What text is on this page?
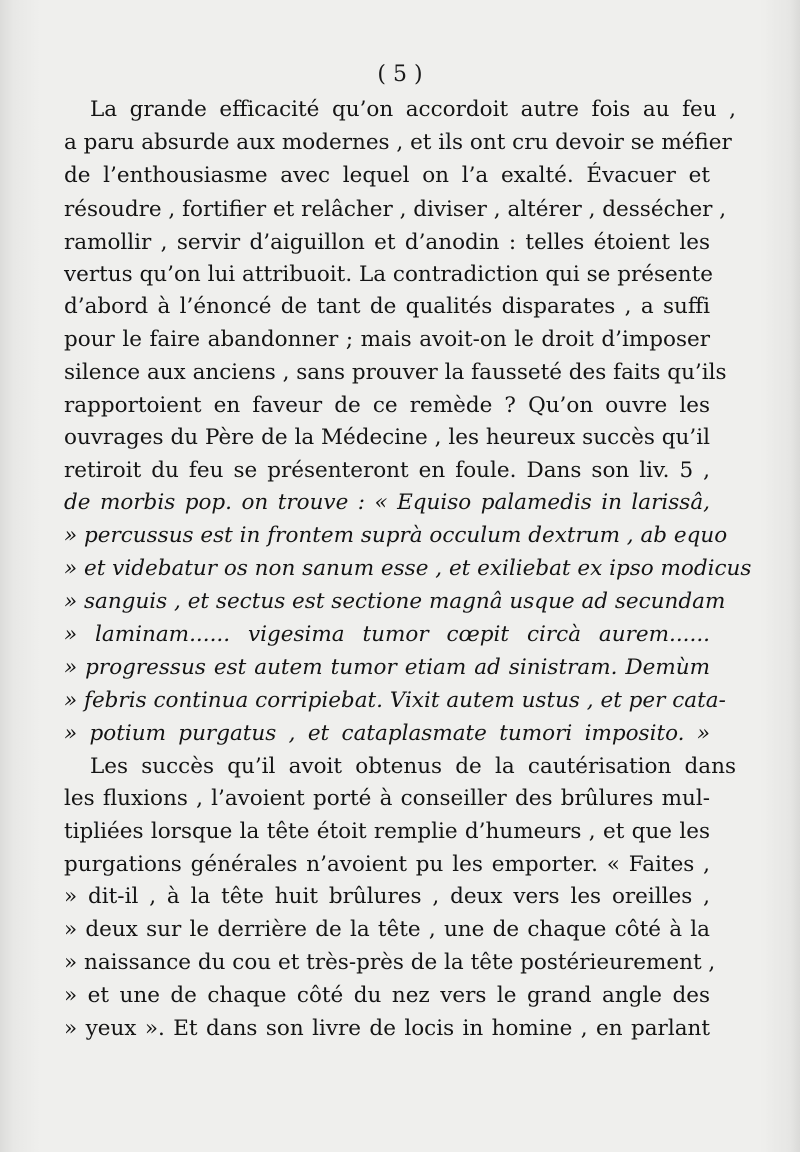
( 5 )
La grande efficacité qu’on accordoit autre fois au feu ,
a paru absurde aux modernes , et ils ont cru devoir se méfier
de l’enthousiasme avec lequel on l’a exalté. Évacuer et
résoudre , fortifier et relâcher , diviser , altérer , dessécher ,
ramollir , servir d’aiguillon et d’anodin : telles étoient les
vertus qu’on lui attribuoit. La contradiction qui se présente
d’abord à l’énoncé de tant de qualités disparates , a suffi
pour le faire abandonner ; mais avoit-on le droit d’imposer
silence aux anciens , sans prouver la fausseté des faits qu’ils
rapportoient en faveur de ce remède ? Qu’on ouvre les
ouvrages du Père de la Médecine , les heureux succès qu’il
retiroit du feu se présenteront en foule. Dans son liv. 5 ,
de morbis pop. on trouve : « Equiso palamedis in larissâ,
» percussus est in frontem suprà occulum dextrum , ab equo
» et videbatur os non sanum esse , et exiliebat ex ipso modicus
» sanguis , et sectus est sectione magnâ usque ad secundam
» laminam...... vigesima tumor cœpit circà aurem......
» progressus est autem tumor etiam ad sinistram. Demùm
» febris continua corripiebat. Vixit autem ustus , et per cata-
» potium purgatus , et cataplasmate tumori imposito. »
Les succès qu’il avoit obtenus de la cautérisation dans
les fluxions , l’avoient porté à conseiller des brûlures mul-
tipliées lorsque la tête étoit remplie d’humeurs , et que les
purgations générales n’avoient pu les emporter. « Faites ,
» dit-il , à la tête huit brûlures , deux vers les oreilles ,
» deux sur le derrière de la tête , une de chaque côté à la
» naissance du cou et très-près de la tête postérieurement ,
» et une de chaque côté du nez vers le grand angle des
» yeux ». Et dans son livre de locis in homine , en parlant
